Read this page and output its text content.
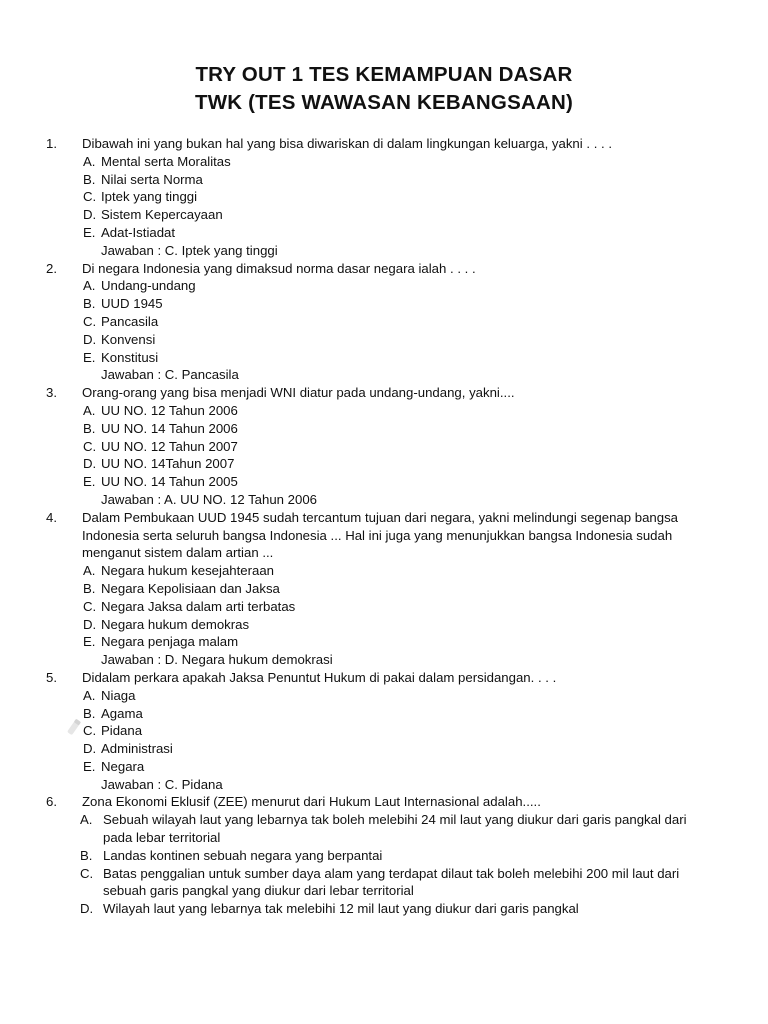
TRY OUT 1 TES KEMAMPUAN DASAR
TWK (TES WAWASAN KEBANGSAAN)
1. Dibawah ini yang bukan hal yang bisa diwariskan di dalam lingkungan keluarga, yakni . . . .
A. Mental serta Moralitas
B. Nilai serta Norma
C. Iptek yang tinggi
D. Sistem Kepercayaan
E. Adat-Istiadat
Jawaban : C. Iptek yang tinggi
2. Di negara Indonesia yang dimaksud norma dasar negara ialah . . . .
A. Undang-undang
B. UUD 1945
C. Pancasila
D. Konvensi
E. Konstitusi
Jawaban : C. Pancasila
3. Orang-orang yang bisa menjadi WNI diatur pada undang-undang, yakni....
A. UU NO. 12 Tahun 2006
B. UU NO. 14 Tahun 2006
C. UU NO. 12 Tahun 2007
D. UU NO. 14Tahun 2007
E. UU NO. 14 Tahun 2005
Jawaban : A. UU NO. 12 Tahun 2006
4. Dalam Pembukaan UUD 1945 sudah tercantum tujuan dari negara, yakni melindungi segenap bangsa Indonesia serta seluruh bangsa Indonesia ... Hal ini juga yang menunjukkan bangsa Indonesia sudah menganut sistem dalam artian ...
A. Negara hukum kesejahteraan
B. Negara Kepolisiaan dan Jaksa
C. Negara Jaksa dalam arti terbatas
D. Negara hukum demokras
E. Negara penjaga malam
Jawaban : D. Negara hukum demokrasi
5. Didalam perkara apakah Jaksa Penuntut Hukum di pakai dalam persidangan. . . .
A. Niaga
B. Agama
C. Pidana
D. Administrasi
E. Negara
Jawaban : C. Pidana
6. Zona Ekonomi Eklusif (ZEE) menurut dari Hukum Laut Internasional adalah.....
A. Sebuah wilayah laut yang lebarnya tak boleh melebihi 24 mil laut yang diukur dari garis pangkal dari pada lebar territorial
B. Landas kontinen sebuah negara yang berpantai
C. Batas penggalian untuk sumber daya alam yang terdapat dilaut tak boleh melebihi 200 mil laut dari sebuah garis pangkal yang diukur dari lebar territorial
D. Wilayah laut yang lebarnya tak melebihi 12 mil laut yang diukur dari garis pangkal
